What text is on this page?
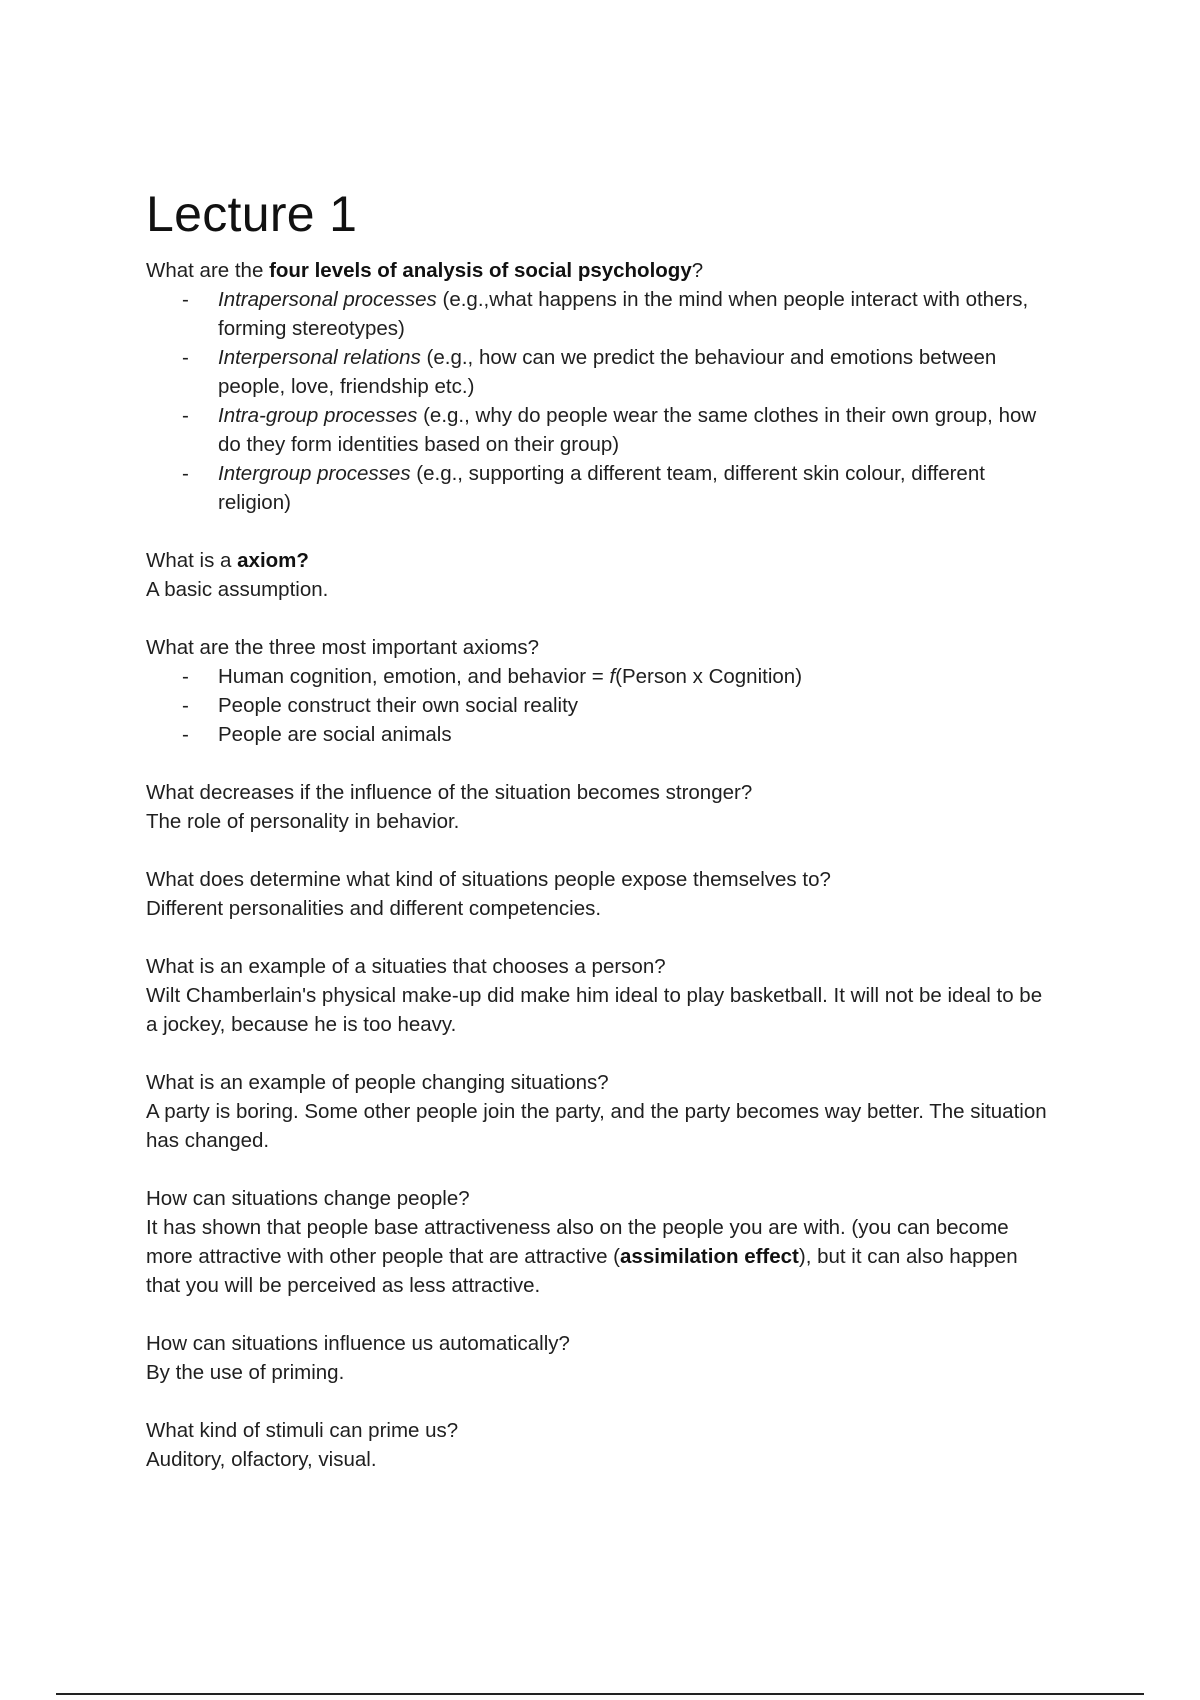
Lecture 1

What are the four levels of analysis of social psychology?

- Intrapersonal processes (e.g.,what happens in the mind when people interact with others, forming stereotypes)
- Interpersonal relations (e.g., how can we predict the behaviour and emotions between people, love, friendship etc.)
- Intra-group processes (e.g., why do people wear the same clothes in their own group, how do they form identities based on their group)
- Intergroup processes (e.g., supporting a different team, different skin colour, different religion)

What is a axiom?

A basic assumption.

What are the three most important axioms?

- Human cognition, emotion, and behavior = f(Person x Cognition)
- People construct their own social reality
- People are social animals

What decreases if the influence of the situation becomes stronger?

The role of personality in behavior.

What does determine what kind of situations people expose themselves to?

Different personalities and different competencies.

What is an example of a situaties that chooses a person?

Wilt Chamberlain's physical make-up did make him ideal to play basketball. It will not be ideal to be a jockey, because he is too heavy.

What is an example of people changing situations?

A party is boring. Some other people join the party, and the party becomes way better. The situation has changed.

How can situations change people?

It has shown that people base attractiveness also on the people you are with. (you can become more attractive with other people that are attractive (assimilation effect), but it can also happen that you will be perceived as less attractive.

How can situations influence us automatically?

By the use of priming.

What kind of stimuli can prime us?

Auditory, olfactory, visual.
